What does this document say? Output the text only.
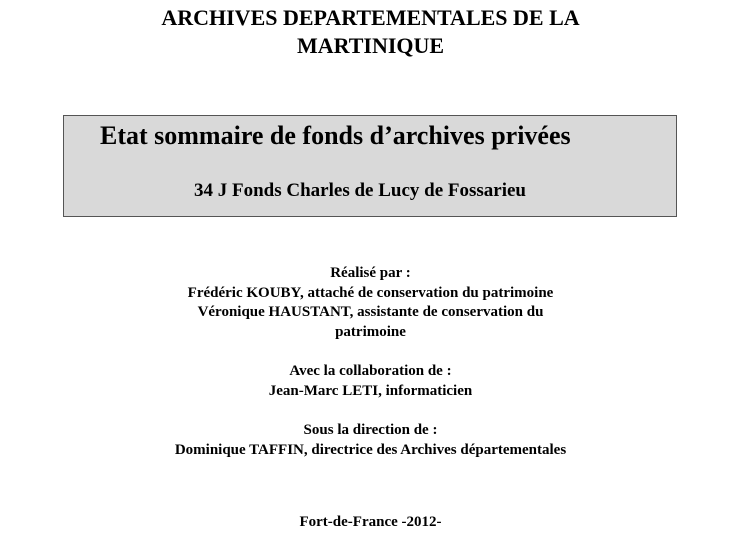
ARCHIVES DEPARTEMENTALES DE LA
MARTINIQUE
Etat sommaire de fonds d’archives privées
34 J Fonds Charles de Lucy de Fossarieu
Réalisé par :
Frédéric KOUBY, attaché de conservation du patrimoine
Véronique HAUSTANT, assistante de conservation du
patrimoine
Avec la collaboration de :
Jean-Marc LETI, informaticien
Sous la direction de :
Dominique TAFFIN, directrice des Archives départementales
Fort-de-France -2012-
